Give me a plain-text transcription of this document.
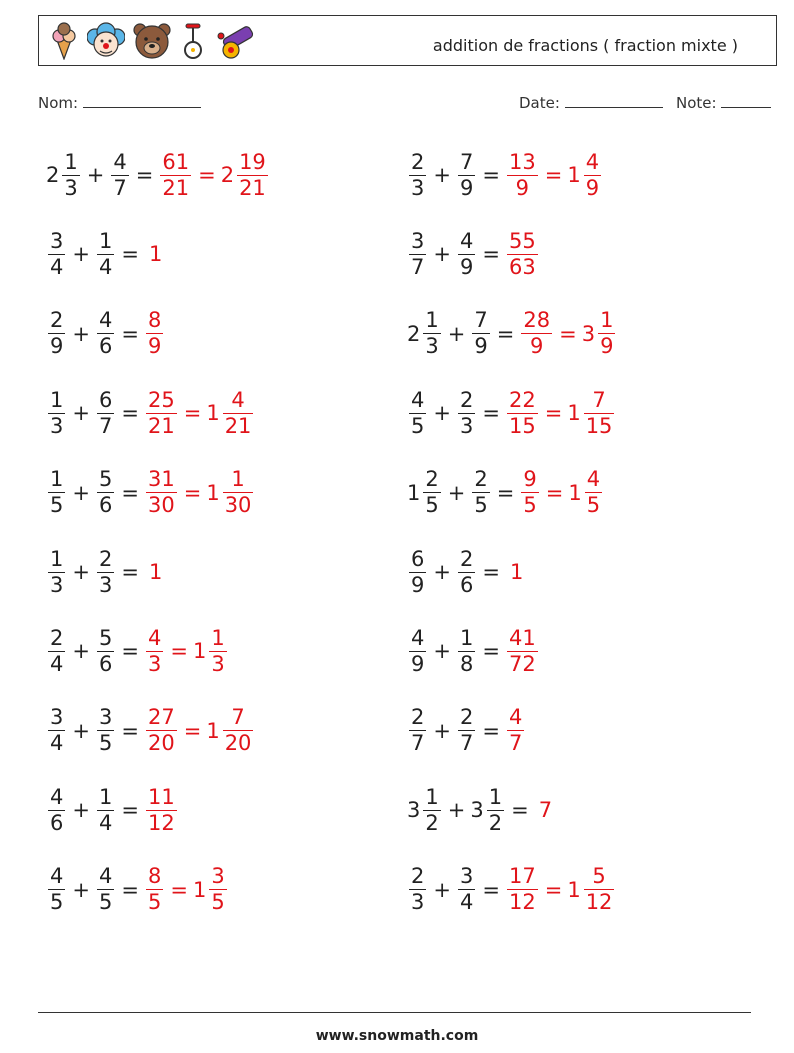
addition de fractions ( fraction mixte )
Nom:	Date:	Note:
$2 \frac{1}{3} + \frac{4}{7} = \frac{61}{21} = 2 \frac{19}{21}$	$\frac{2}{3} + \frac{7}{9} = \frac{13}{9} = 1 \frac{4}{9}$
$\frac{3}{4} + \frac{1}{4} = 1$	$\frac{3}{7} + \frac{4}{9} = \frac{55}{63}$
$\frac{2}{9} + \frac{4}{6} = \frac{8}{9}$	$2 \frac{1}{3} + \frac{7}{9} = \frac{28}{9} = 3 \frac{1}{9}$
$\frac{1}{3} + \frac{6}{7} = \frac{25}{21} = 1 \frac{4}{21}$	$\frac{4}{5} + \frac{2}{3} = \frac{22}{15} = 1 \frac{7}{15}$
$\frac{1}{5} + \frac{5}{6} = \frac{31}{30} = 1 \frac{1}{30}$	$1 \frac{2}{5} + \frac{2}{5} = \frac{9}{5} = 1 \frac{4}{5}$
$\frac{1}{3} + \frac{2}{3} = 1$	$\frac{6}{9} + \frac{2}{6} = 1$
$\frac{2}{4} + \frac{5}{6} = \frac{4}{3} = 1 \frac{1}{3}$	$\frac{4}{9} + \frac{1}{8} = \frac{41}{72}$
$\frac{3}{4} + \frac{3}{5} = \frac{27}{20} = 1 \frac{7}{20}$	$\frac{2}{7} + \frac{2}{7} = \frac{4}{7}$
$\frac{4}{6} + \frac{1}{4} = \frac{11}{12}$	$3 \frac{1}{2} + 3 \frac{1}{2} = 7$
$\frac{4}{5} + \frac{4}{5} = \frac{8}{5} = 1 \frac{3}{5}$	$\frac{2}{3} + \frac{3}{4} = \frac{17}{12} = 1 \frac{5}{12}$
www.snowmath.com
